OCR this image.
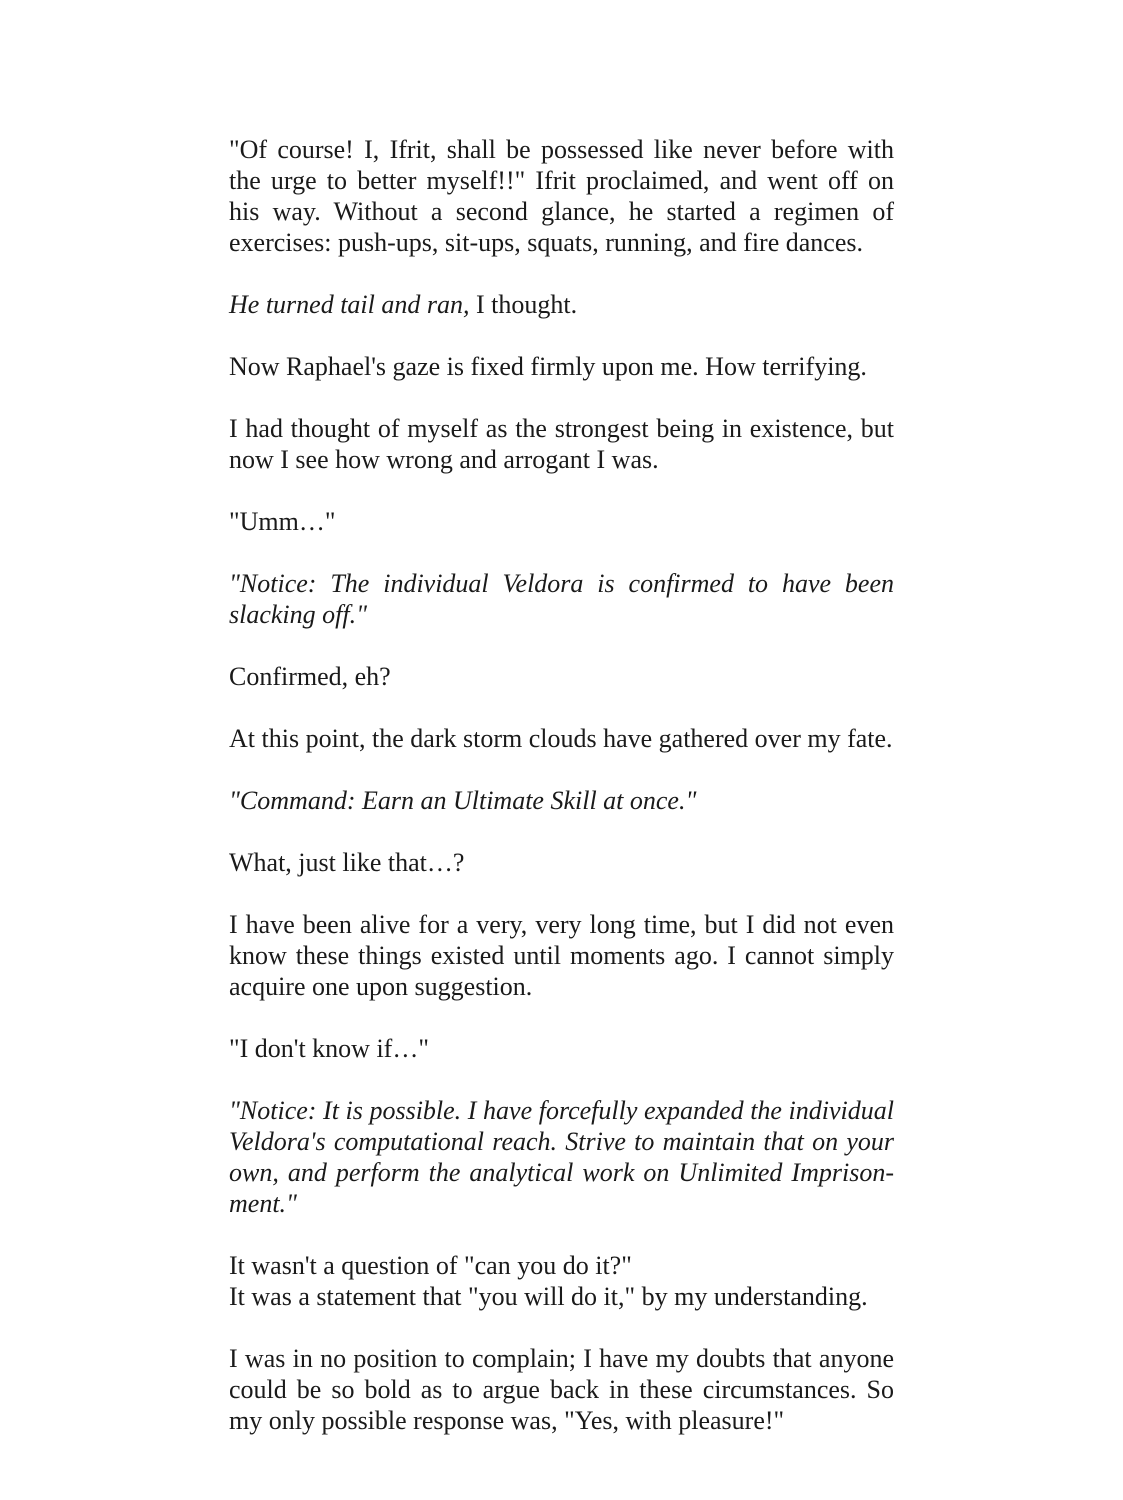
"Of course! I, Ifrit, shall be possessed like never before with the urge to better myself!!" Ifrit proclaimed, and went off on his way. Without a second glance, he started a regimen of exercises: push-ups, sit-ups, squats, running, and fire dances.

He turned tail and ran, I thought.

Now Raphael's gaze is fixed firmly upon me. How terrifying.

I had thought of myself as the strongest being in existence, but now I see how wrong and arrogant I was.

"Umm…"

"Notice: The individual Veldora is confirmed to have been slacking off."

Confirmed, eh?

At this point, the dark storm clouds have gathered over my fate.

"Command: Earn an Ultimate Skill at once."

What, just like that…?

I have been alive for a very, very long time, but I did not even know these things existed until moments ago. I cannot simply acquire one upon suggestion.

"I don't know if…"

"Notice: It is possible. I have forcefully expanded the individual Veldora's computational reach. Strive to maintain that on your own, and perform the analytical work on Unlimited Imprisonment."

It wasn't a question of "can you do it?"

It was a statement that "you will do it," by my understanding.

I was in no position to complain; I have my doubts that anyone could be so bold as to argue back in these circumstances. So my only possible response was, "Yes, with pleasure!"
